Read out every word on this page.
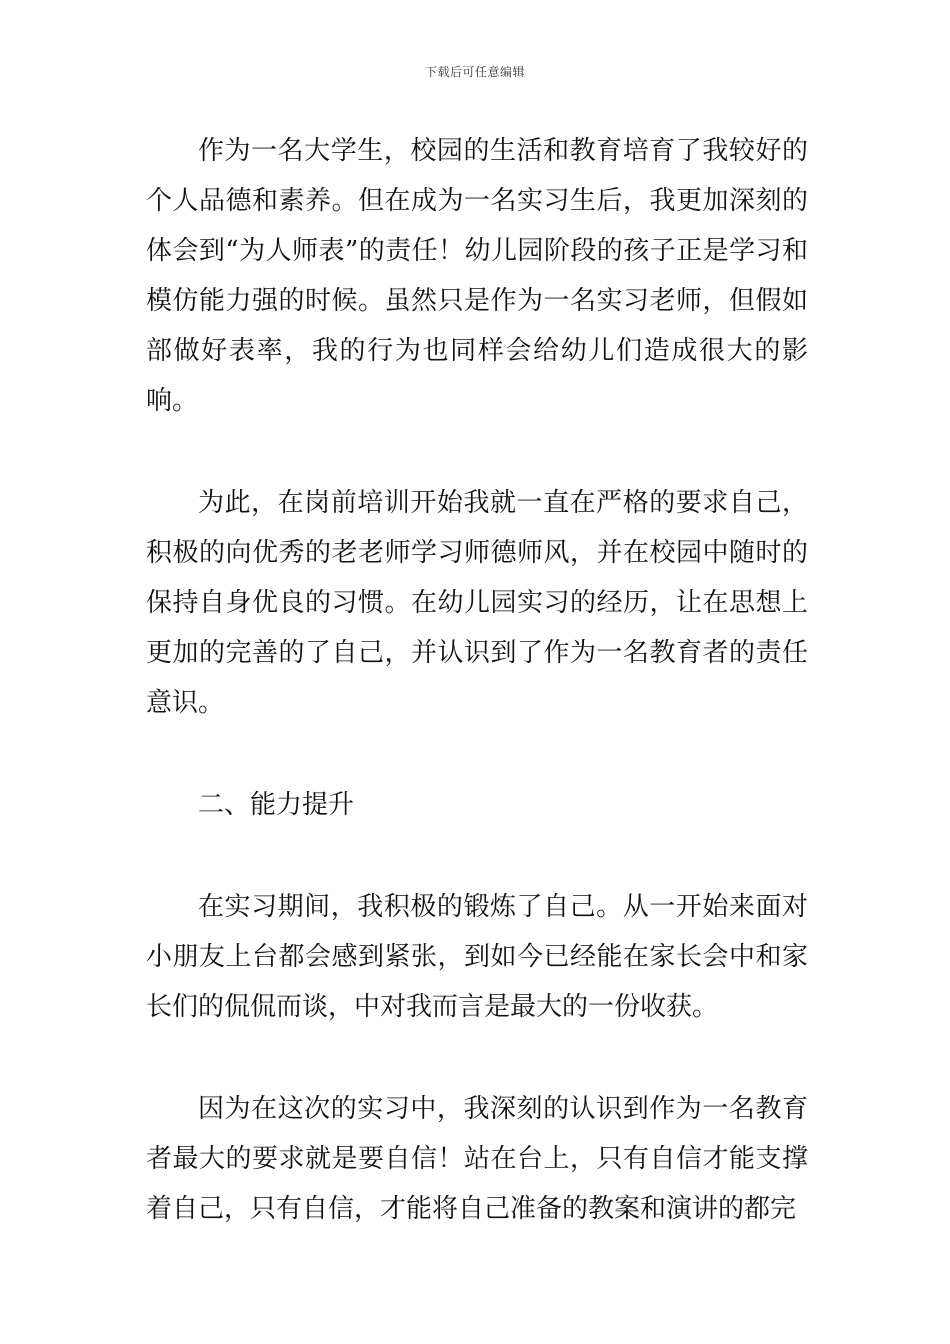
下载后可任意编辑

作为一名大学生，校园的生活和教育培育了我较好的个人品德和素养。但在成为一名实习生后，我更加深刻的体会到“为人师表”的责任！幼儿园阶段的孩子正是学习和模仿能力强的时候。虽然只是作为一名实习老师，但假如部做好表率，我的行为也同样会给幼儿们造成很大的影响。

为此，在岗前培训开始我就一直在严格的要求自己，积极的向优秀的老老师学习师德师风，并在校园中随时的保持自身优良的习惯。在幼儿园实习的经历，让在思想上更加的完善的了自己，并认识到了作为一名教育者的责任意识。

二、能力提升

在实习期间，我积极的锻炼了自己。从一开始来面对小朋友上台都会感到紧张，到如今已经能在家长会中和家长们的侃侃而谈，中对我而言是最大的一份收获。

因为在这次的实习中，我深刻的认识到作为一名教育者最大的要求就是要自信！站在台上，只有自信才能支撑着自己，只有自信，才能将自己准备的教案和演讲的都完
